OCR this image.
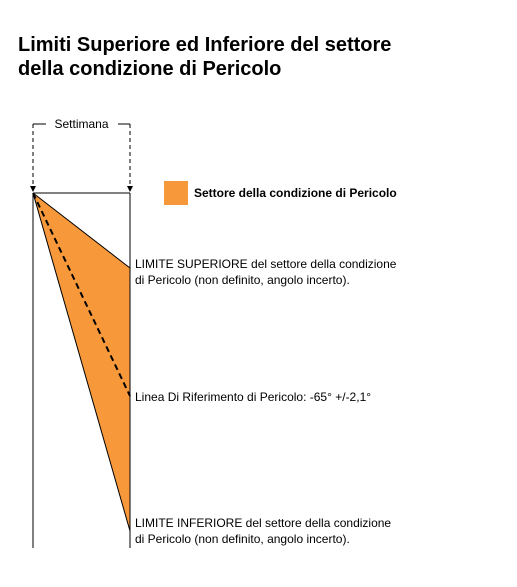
Limiti Superiore ed Inferiore del settore
della condizione di Pericolo
Settimana
Settore della condizione di Pericolo
LIMITE SUPERIORE del settore della condizione
di Pericolo (non definito, angolo incerto).
Linea Di Riferimento di Pericolo: -65° +/-2,1°
LIMITE INFERIORE del settore della condizione
di Pericolo (non definito, angolo incerto).
